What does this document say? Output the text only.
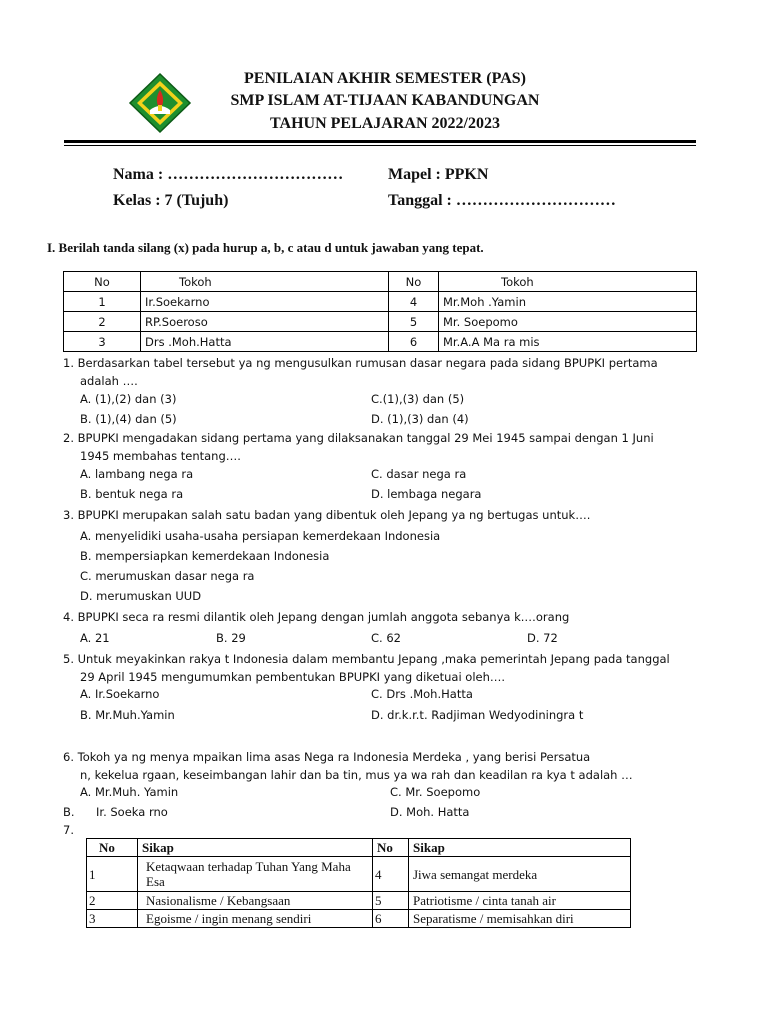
PENILAIAN AKHIR SEMESTER (PAS)
SMP ISLAM AT-TIJAAN KABANDUNGAN
TAHUN PELAJARAN 2022/2023
Nama : ……………………………	Mapel : PPKN
Kelas : 7 (Tujuh)	Tanggal : …………………………
I. Berilah tanda silang (x) pada hurup a, b, c atau d untuk jawaban yang tepat.
No	Tokoh	No	Tokoh
1	Ir.Soekarno	4	Mr.Moh .Yamin
2	RP.Soeroso	5	Mr. Soepomo
3	Drs .Moh.Hatta	6	Mr.A.A Ma ra mis
1. Berdasarkan tabel tersebut ya ng mengusulkan rumusan dasar negara pada sidang BPUPKI pertama
adalah ….
A. (1),(2) dan (3)	C.(1),(3) dan (5)
B. (1),(4) dan (5)	D. (1),(3) dan (4)
2. BPUPKI mengadakan sidang pertama yang dilaksanakan tanggal 29 Mei 1945 sampai dengan 1 Juni
1945 membahas tentang….
A. lambang nega ra	C. dasar nega ra
B. bentuk nega ra	D. lembaga negara
3. BPUPKI merupakan salah satu badan yang dibentuk oleh Jepang ya ng bertugas untuk….
A. menyelidiki usaha-usaha persiapan kemerdekaan Indonesia
B. mempersiapkan kemerdekaan Indonesia
C. merumuskan dasar nega ra
D. merumuskan UUD
4. BPUPKI seca ra resmi dilantik oleh Jepang dengan jumlah anggota sebanya k.…orang
A. 21	B. 29	C. 62	D. 72
5. Untuk meyakinkan rakya t Indonesia dalam membantu Jepang ,maka pemerintah Jepang pada tanggal
29 April 1945 mengumumkan pembentukan BPUPKI yang diketuai oleh….
A. Ir.Soekarno	C. Drs .Moh.Hatta
B. Mr.Muh.Yamin	D. dr.k.r.t. Radjiman Wedyodiningra t
6. Tokoh ya ng menya mpaikan lima asas Nega ra Indonesia Merdeka , yang berisi Persatua
n, kekelua rgaan, keseimbangan lahir dan ba tin, mus ya wa rah dan keadilan ra kya t adalah …
A. Mr.Muh. Yamin	C. Mr. Soepomo
B. Ir. Soeka rno	D. Moh. Hatta
7.
No	Sikap	No	Sikap
1	Ketaqwaan terhadap Tuhan Yang Maha Esa	4	Jiwa semangat merdeka
2	Nasionalisme / Kebangsaan	5	Patriotisme / cinta tanah air
3	Egoisme / ingin menang sendiri	6	Separatisme / memisahkan diri
